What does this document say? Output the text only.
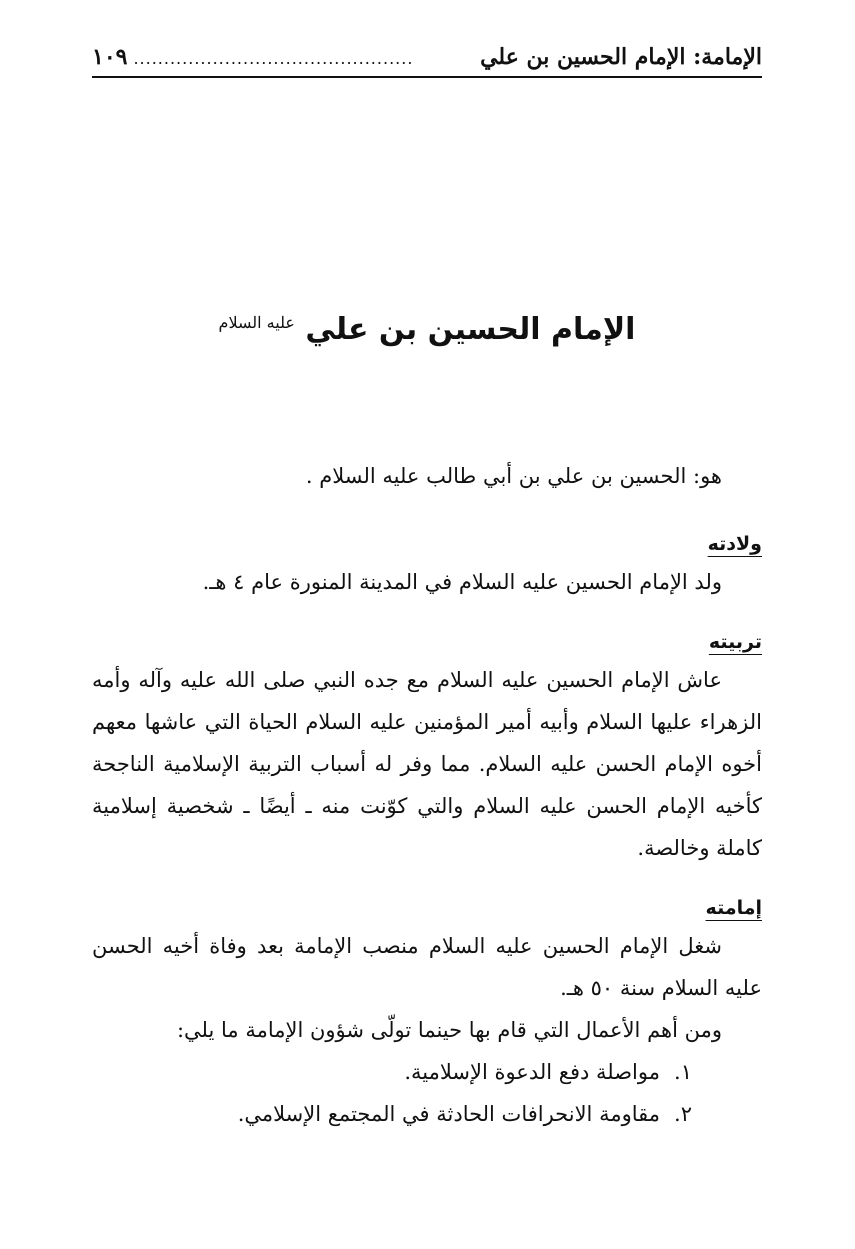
١٠٩ ..............................................	الإمامة: الإمام الحسين بن علي
الإمام الحسين بن علي $^{عليه السلام}$

هو: الحسين بن علي بن أبي طالب عليه السلام .

ولادته

ولد الإمام الحسين عليه السلام في المدينة المنورة عام ٤ هـ.

تربيته

عاش الإمام الحسين عليه السلام مع جده النبي صلى الله عليه وآله وأمه الزهراء عليها السلام وأبيه أمير المؤمنين عليه السلام الحياة التي عاشها معهم أخوه الإمام الحسن عليه السلام. مما وفر له أسباب التربية الإسلامية الناجحة كأخيه الإمام الحسن عليه السلام والتي كوّنت منه ـ أيضًا ـ شخصية إسلامية كاملة وخالصة.

إمامته

شغل الإمام الحسين عليه السلام منصب الإمامة بعد وفاة أخيه الحسن عليه السلام سنة ٥٠ هـ.

ومن أهم الأعمال التي قام بها حينما تولّى شؤون الإمامة ما يلي:

١.
مواصلة دفع الدعوة الإسلامية.
٢.
مقاومة الانحرافات الحادثة في المجتمع الإسلامي.
